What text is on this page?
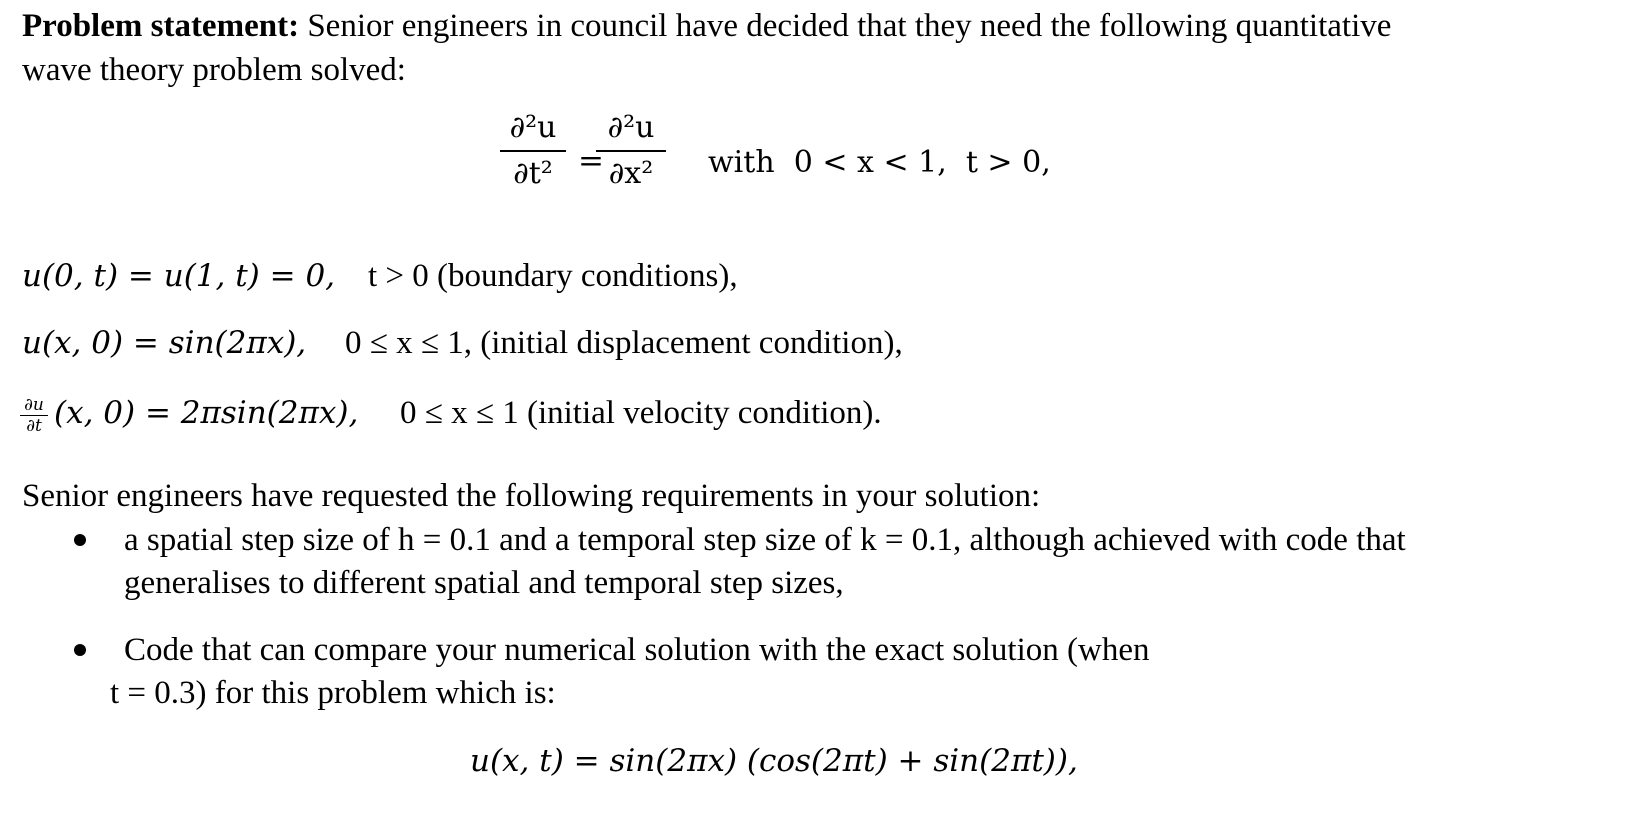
Problem statement: Senior engineers in council have decided that they need the following quantitative
wave theory problem solved:
∂²u
∂t² =
∂²u
∂x²	with  0 < x < 1,  t > 0,
u(0, t) = u(1, t) = 0, t > 0 (boundary conditions),
u(x, 0) = sin(2πx), 0 ≤ x ≤ 1, (initial displacement condition),
∂u
∂t (x, 0) = 2πsin(2πx), 0 ≤ x ≤ 1 (initial velocity condition).
Senior engineers have requested the following requirements in your solution:
a spatial step size of h = 0.1 and a temporal step size of k = 0.1, although achieved with code that
generalises to different spatial and temporal step sizes,
Code that can compare your numerical solution with the exact solution (when
t = 0.3) for this problem which is:
u(x, t) = sin(2πx) (cos(2πt) + sin(2πt)),
